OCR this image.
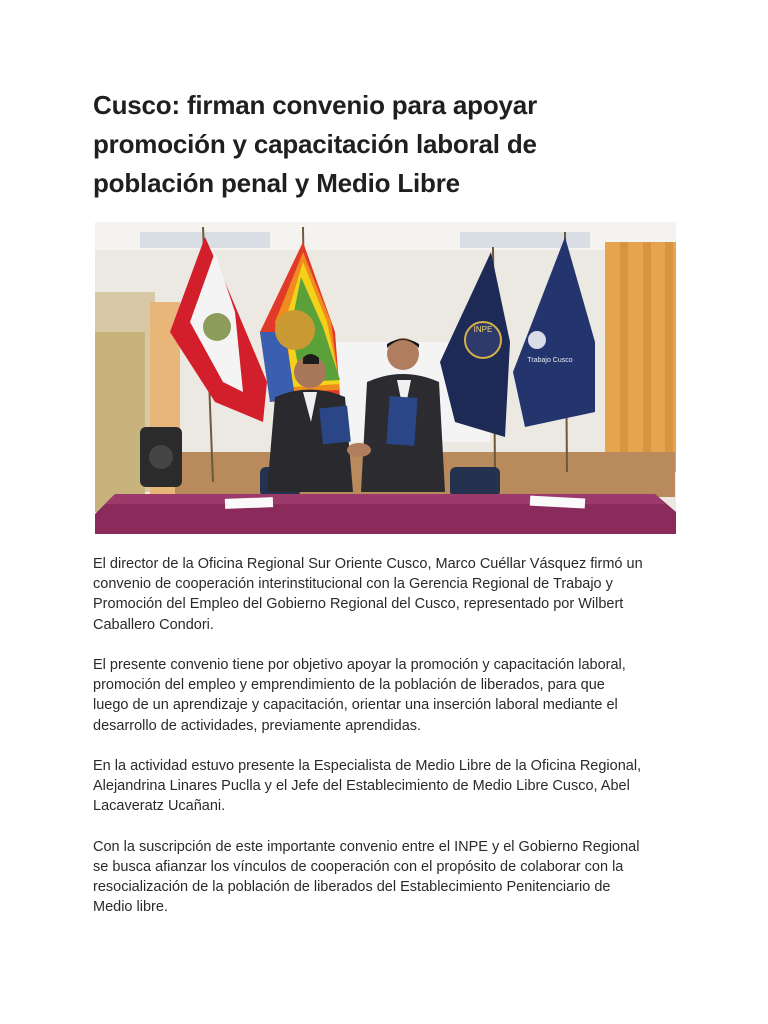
Cusco: firman convenio para apoyar
promoción y capacitación laboral de
población penal y Medio Libre
INPE
Trabajo Cusco

El director de la Oficina Regional Sur Oriente Cusco, Marco Cuéllar Vásquez firmó un
convenio de cooperación interinstitucional con la Gerencia Regional de Trabajo y
Promoción del Empleo del Gobierno Regional del Cusco, representado por Wilbert
Caballero Condori.

El presente convenio tiene por objetivo apoyar la promoción y capacitación laboral,
promoción del empleo y emprendimiento de la población de liberados, para que
luego de un aprendizaje y capacitación, orientar una inserción laboral mediante el
desarrollo de actividades, previamente aprendidas.

En la actividad estuvo presente la Especialista de Medio Libre de la Oficina Regional,
Alejandrina Linares Puclla y el Jefe del Establecimiento de Medio Libre Cusco, Abel
Lacaveratz Ucañani.

Con la suscripción de este importante convenio entre el INPE y el Gobierno Regional
se busca afianzar los vínculos de cooperación con el propósito de colaborar con la
resocialización de la población de liberados del Establecimiento Penitenciario de
Medio libre.
